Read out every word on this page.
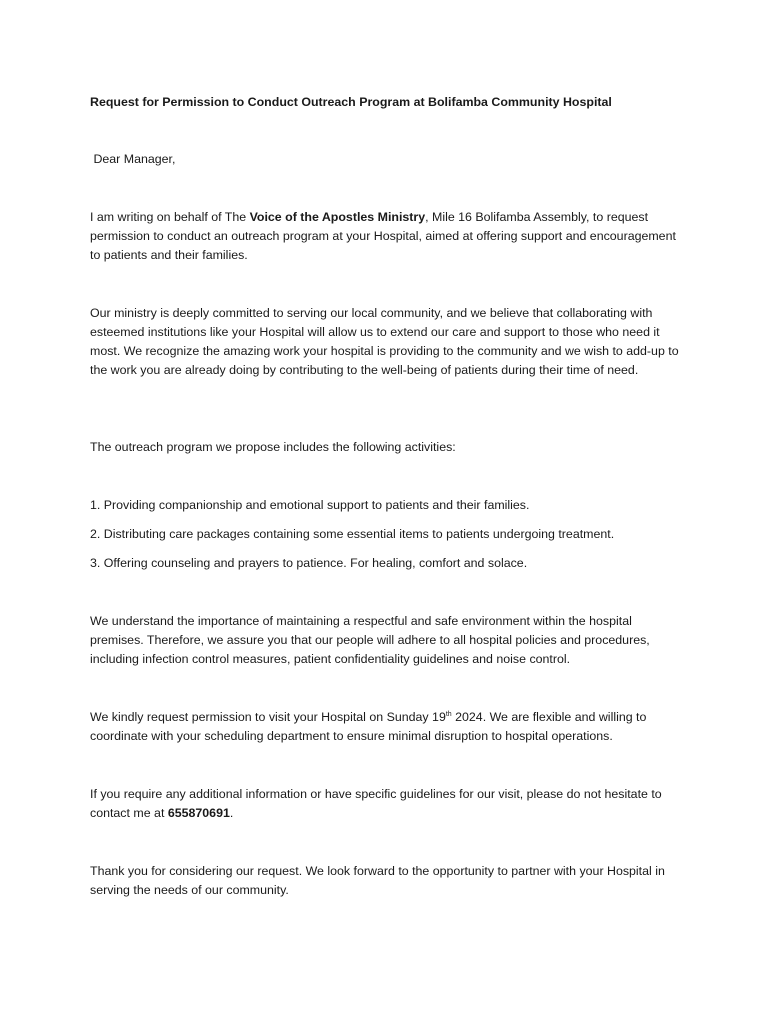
Request for Permission to Conduct Outreach Program at Bolifamba Community Hospital

Dear Manager,

I am writing on behalf of The Voice of the Apostles Ministry, Mile 16 Bolifamba Assembly, to request permission to conduct an outreach program at your Hospital, aimed at offering support and encouragement to patients and their families.

Our ministry is deeply committed to serving our local community, and we believe that collaborating with esteemed institutions like your Hospital will allow us to extend our care and support to those who need it most. We recognize the amazing work your hospital is providing to the community and we wish to add-up to the work you are already doing by contributing to the well-being of patients during their time of need.

The outreach program we propose includes the following activities:

1. Providing companionship and emotional support to patients and their families.

2. Distributing care packages containing some essential items to patients undergoing treatment.

3. Offering counseling and prayers to patience. For healing, comfort and solace.

We understand the importance of maintaining a respectful and safe environment within the hospital premises. Therefore, we assure you that our people will adhere to all hospital policies and procedures, including infection control measures, patient confidentiality guidelines and noise control.

We kindly request permission to visit your Hospital on Sunday 19th 2024. We are flexible and willing to coordinate with your scheduling department to ensure minimal disruption to hospital operations.

If you require any additional information or have specific guidelines for our visit, please do not hesitate to contact me at 655870691.

Thank you for considering our request. We look forward to the opportunity to partner with your Hospital in serving the needs of our community.
